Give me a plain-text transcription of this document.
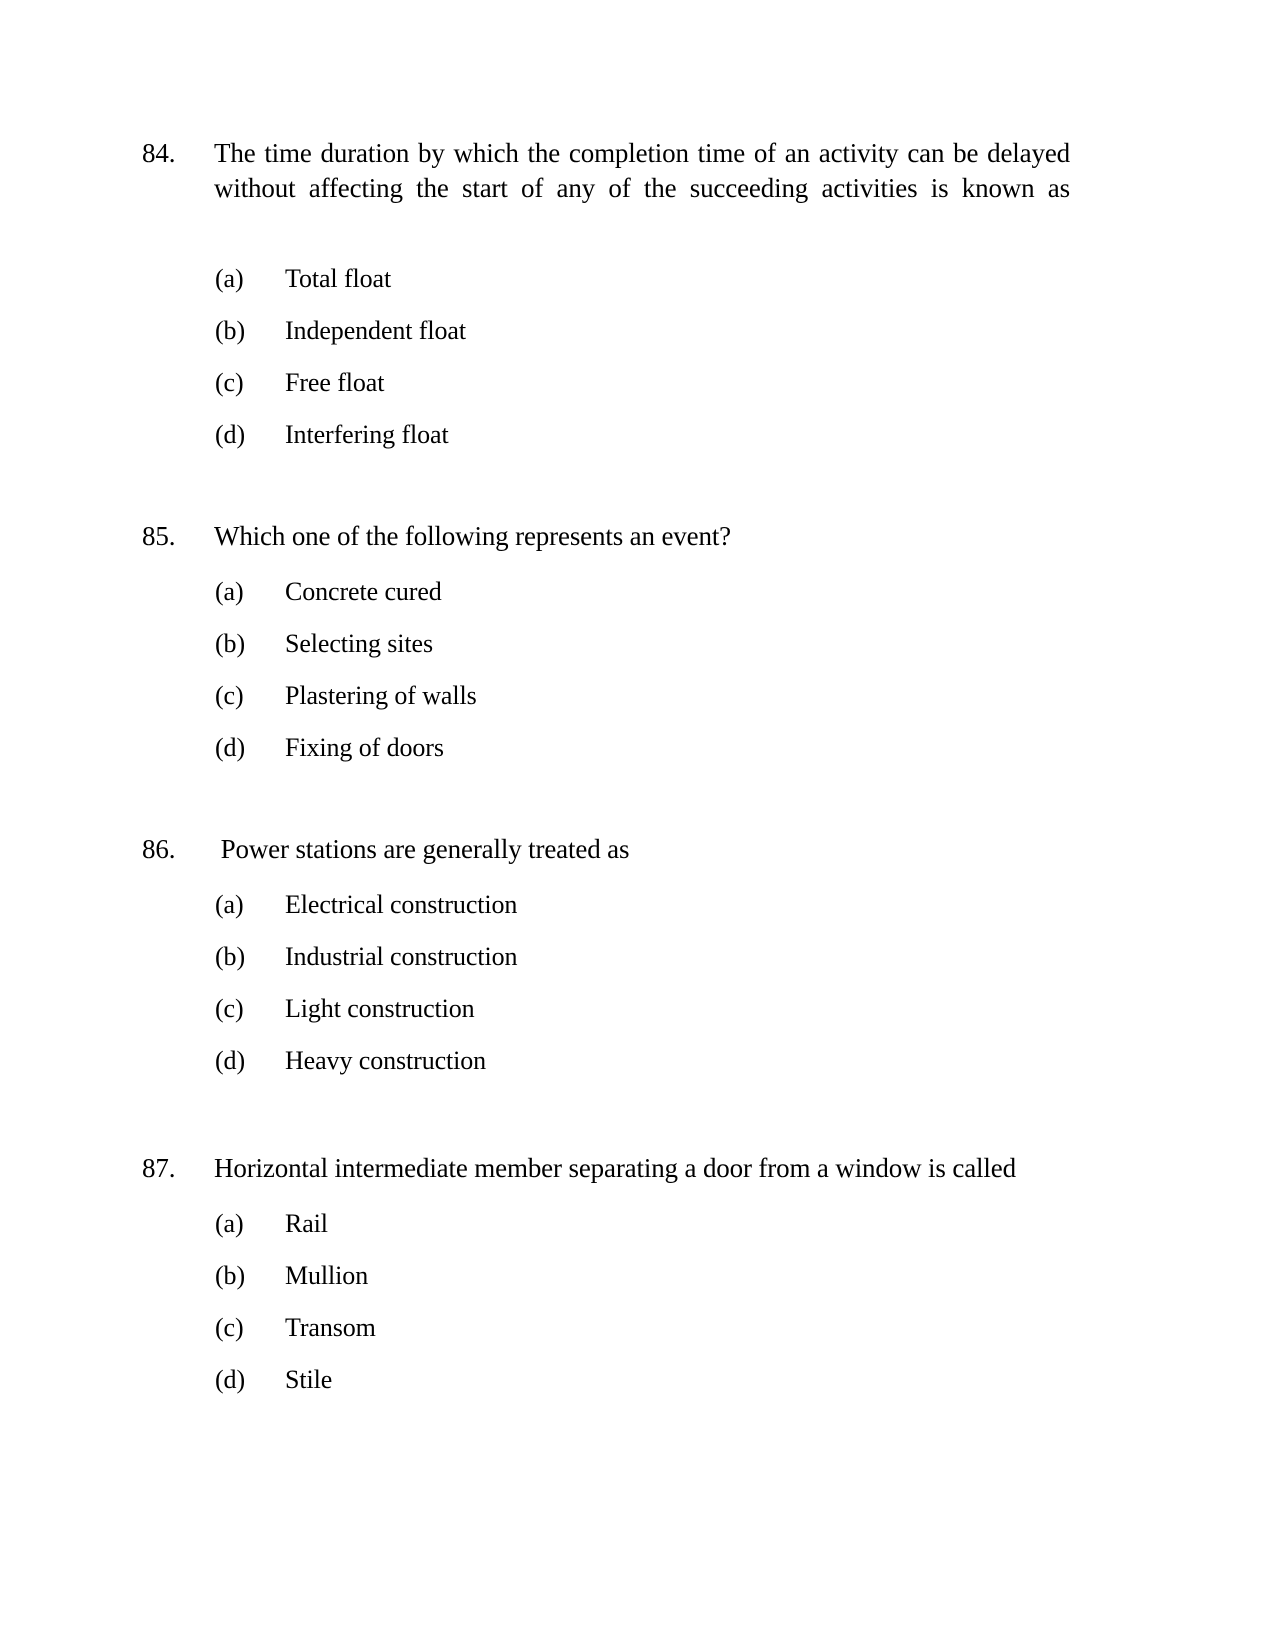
84.	The time duration by which the completion time of an activity can be delayed without affecting the start of any of the succeeding activities is known as
(a)	Total float
(b)	Independent float
(c)	Free float
(d)	Interfering float
85.	Which one of the following represents an event?
(a)	Concrete cured
(b)	Selecting sites
(c)	Plastering of walls
(d)	Fixing of doors
86.	Power stations are generally treated as
(a)	Electrical construction
(b)	Industrial construction
(c)	Light construction
(d)	Heavy construction
87.	Horizontal intermediate member separating a door from a window is called
(a)	Rail
(b)	Mullion
(c)	Transom
(d)	Stile
